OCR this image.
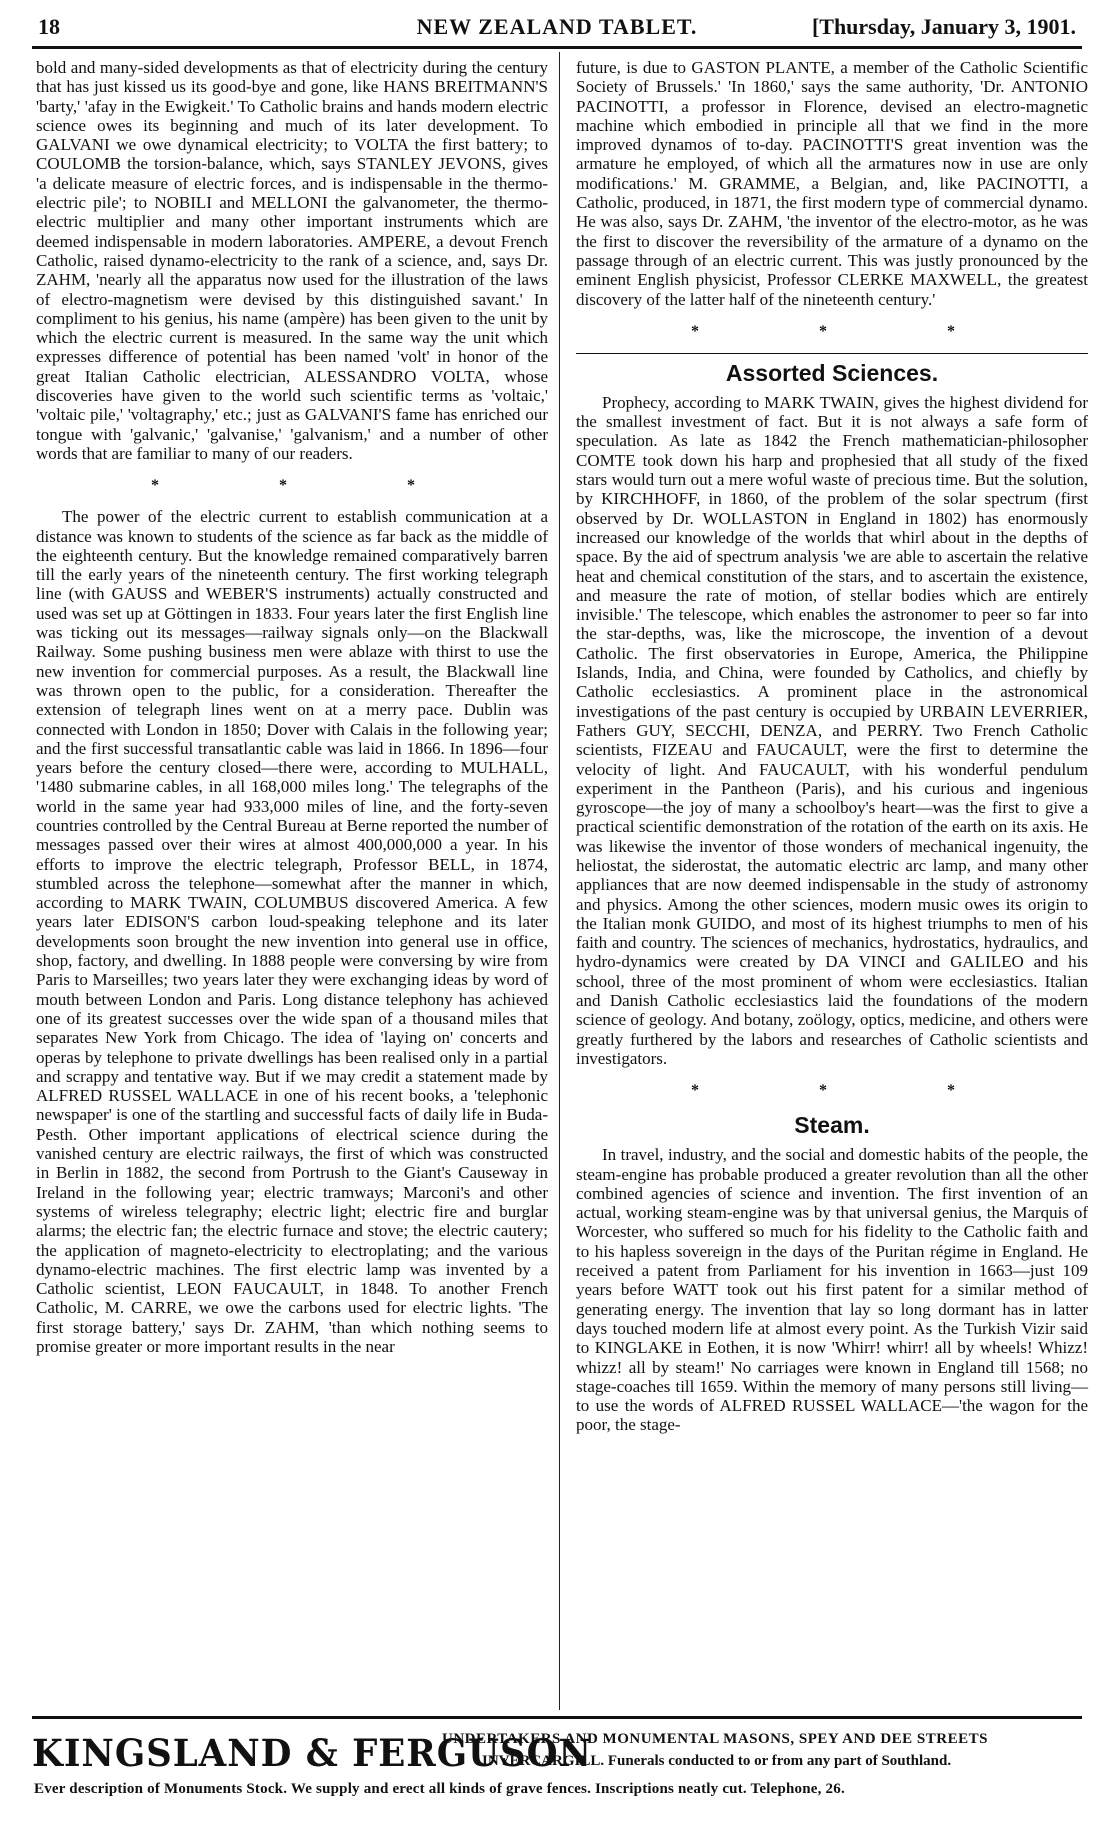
18	NEW ZEALAND TABLET.	[Thursday, January 3, 1901.

bold and many-sided developments as that of electricity during the century that has just kissed us its good-bye and gone, like HANS BREITMANN'S 'barty,' 'afay in the Ewigkeit.' To Catholic brains and hands modern electric science owes its beginning and much of its later development. To GALVANI we owe dynamical electricity; to VOLTA the first battery; to COULOMB the torsion-balance, which, says STANLEY JEVONS, gives 'a delicate measure of electric forces, and is indispensable in the thermo-electric pile'; to NOBILI and MELLONI the galvanometer, the thermo-electric multiplier and many other important instruments which are deemed indispensable in modern laboratories. AMPERE, a devout French Catholic, raised dynamo-electricity to the rank of a science, and, says Dr. ZAHM, 'nearly all the apparatus now used for the illustration of the laws of electro-magnetism were devised by this distinguished savant.' In compliment to his genius, his name (ampère) has been given to the unit by which the electric current is measured. In the same way the unit which expresses difference of potential has been named 'volt' in honor of the great Italian Catholic electrician, ALESSANDRO VOLTA, whose discoveries have given to the world such scientific terms as 'voltaic,' 'voltaic pile,' 'voltagraphy,' etc.; just as GALVANI'S fame has enriched our tongue with 'galvanic,' 'galvanise,' 'galvanism,' and a number of other words that are familiar to many of our readers.

* * *

The power of the electric current to establish communication at a distance was known to students of the science as far back as the middle of the eighteenth century. But the knowledge remained comparatively barren till the early years of the nineteenth century. The first working telegraph line (with GAUSS and WEBER'S instruments) actually constructed and used was set up at Göttingen in 1833. Four years later the first English line was ticking out its messages—railway signals only—on the Blackwall Railway. Some pushing business men were ablaze with thirst to use the new invention for commercial purposes. As a result, the Blackwall line was thrown open to the public, for a consideration. Thereafter the extension of telegraph lines went on at a merry pace. Dublin was connected with London in 1850; Dover with Calais in the following year; and the first successful transatlantic cable was laid in 1866. In 1896—four years before the century closed—there were, according to MULHALL, '1480 submarine cables, in all 168,000 miles long.' The telegraphs of the world in the same year had 933,000 miles of line, and the forty-seven countries controlled by the Central Bureau at Berne reported the number of messages passed over their wires at almost 400,000,000 a year. In his efforts to improve the electric telegraph, Professor BELL, in 1874, stumbled across the telephone—somewhat after the manner in which, according to MARK TWAIN, COLUMBUS discovered America. A few years later EDISON'S carbon loud-speaking telephone and its later developments soon brought the new invention into general use in office, shop, factory, and dwelling. In 1888 people were conversing by wire from Paris to Marseilles; two years later they were exchanging ideas by word of mouth between London and Paris. Long distance telephony has achieved one of its greatest successes over the wide span of a thousand miles that separates New York from Chicago. The idea of 'laying on' concerts and operas by telephone to private dwellings has been realised only in a partial and scrappy and tentative way. But if we may credit a statement made by ALFRED RUSSEL WALLACE in one of his recent books, a 'telephonic newspaper' is one of the startling and successful facts of daily life in Buda-Pesth. Other important applications of electrical science during the vanished century are electric railways, the first of which was constructed in Berlin in 1882, the second from Portrush to the Giant's Causeway in Ireland in the following year; electric tramways; Marconi's and other systems of wireless telegraphy; electric light; electric fire and burglar alarms; the electric fan; the electric furnace and stove; the electric cautery; the application of magneto-electricity to electroplating; and the various dynamo-electric machines. The first electric lamp was invented by a Catholic scientist, LEON FAUCAULT, in 1848. To another French Catholic, M. CARRE, we owe the carbons used for electric lights. 'The first storage battery,' says Dr. ZAHM, 'than which nothing seems to promise greater or more important results in the near

future, is due to GASTON PLANTE, a member of the Catholic Scientific Society of Brussels.' 'In 1860,' says the same authority, 'Dr. ANTONIO PACINOTTI, a professor in Florence, devised an electro-magnetic machine which embodied in principle all that we find in the more improved dynamos of to-day. PACINOTTI'S great invention was the armature he employed, of which all the armatures now in use are only modifications.' M. GRAMME, a Belgian, and, like PACINOTTI, a Catholic, produced, in 1871, the first modern type of commercial dynamo. He was also, says Dr. ZAHM, 'the inventor of the electro-motor, as he was the first to discover the reversibility of the armature of a dynamo on the passage through of an electric current. This was justly pronounced by the eminent English physicist, Professor CLERKE MAXWELL, the greatest discovery of the latter half of the nineteenth century.'

* * *
Assorted Sciences.

Prophecy, according to MARK TWAIN, gives the highest dividend for the smallest investment of fact. But it is not always a safe form of speculation. As late as 1842 the French mathematician-philosopher COMTE took down his harp and prophesied that all study of the fixed stars would turn out a mere woful waste of precious time. But the solution, by KIRCHHOFF, in 1860, of the problem of the solar spectrum (first observed by Dr. WOLLASTON in England in 1802) has enormously increased our knowledge of the worlds that whirl about in the depths of space. By the aid of spectrum analysis 'we are able to ascertain the relative heat and chemical constitution of the stars, and to ascertain the existence, and measure the rate of motion, of stellar bodies which are entirely invisible.' The telescope, which enables the astronomer to peer so far into the star-depths, was, like the microscope, the invention of a devout Catholic. The first observatories in Europe, America, the Philippine Islands, India, and China, were founded by Catholics, and chiefly by Catholic ecclesiastics. A prominent place in the astronomical investigations of the past century is occupied by URBAIN LEVERRIER, Fathers GUY, SECCHI, DENZA, and PERRY. Two French Catholic scientists, FIZEAU and FAUCAULT, were the first to determine the velocity of light. And FAUCAULT, with his wonderful pendulum experiment in the Pantheon (Paris), and his curious and ingenious gyroscope—the joy of many a schoolboy's heart—was the first to give a practical scientific demonstration of the rotation of the earth on its axis. He was likewise the inventor of those wonders of mechanical ingenuity, the heliostat, the siderostat, the automatic electric arc lamp, and many other appliances that are now deemed indispensable in the study of astronomy and physics. Among the other sciences, modern music owes its origin to the Italian monk GUIDO, and most of its highest triumphs to men of his faith and country. The sciences of mechanics, hydrostatics, hydraulics, and hydro-dynamics were created by DA VINCI and GALILEO and his school, three of the most prominent of whom were ecclesiastics. Italian and Danish Catholic ecclesiastics laid the foundations of the modern science of geology. And botany, zoölogy, optics, medicine, and others were greatly furthered by the labors and researches of Catholic scientists and investigators.

* * *
Steam.

In travel, industry, and the social and domestic habits of the people, the steam-engine has probable produced a greater revolution than all the other combined agencies of science and invention. The first invention of an actual, working steam-engine was by that universal genius, the Marquis of Worcester, who suffered so much for his fidelity to the Catholic faith and to his hapless sovereign in the days of the Puritan régime in England. He received a patent from Parliament for his invention in 1663—just 109 years before WATT took out his first patent for a similar method of generating energy. The invention that lay so long dormant has in latter days touched modern life at almost every point. As the Turkish Vizir said to KINGLAKE in Eothen, it is now 'Whirr! whirr! all by wheels! Whizz! whizz! all by steam!' No carriages were known in England till 1568; no stage-coaches till 1659. Within the memory of many persons still living—to use the words of ALFRED RUSSEL WALLACE—'the wagon for the poor, the stage-

KINGSLAND & FERGUSON
UNDERTAKERS AND MONUMENTAL MASONS, SPEY AND DEE STREETS
INVERCARGILL. Funerals conducted to or from any part of Southland.
Ever description of Monuments Stock. We supply and erect all kinds of grave fences. Inscriptions neatly cut. Telephone, 26.
